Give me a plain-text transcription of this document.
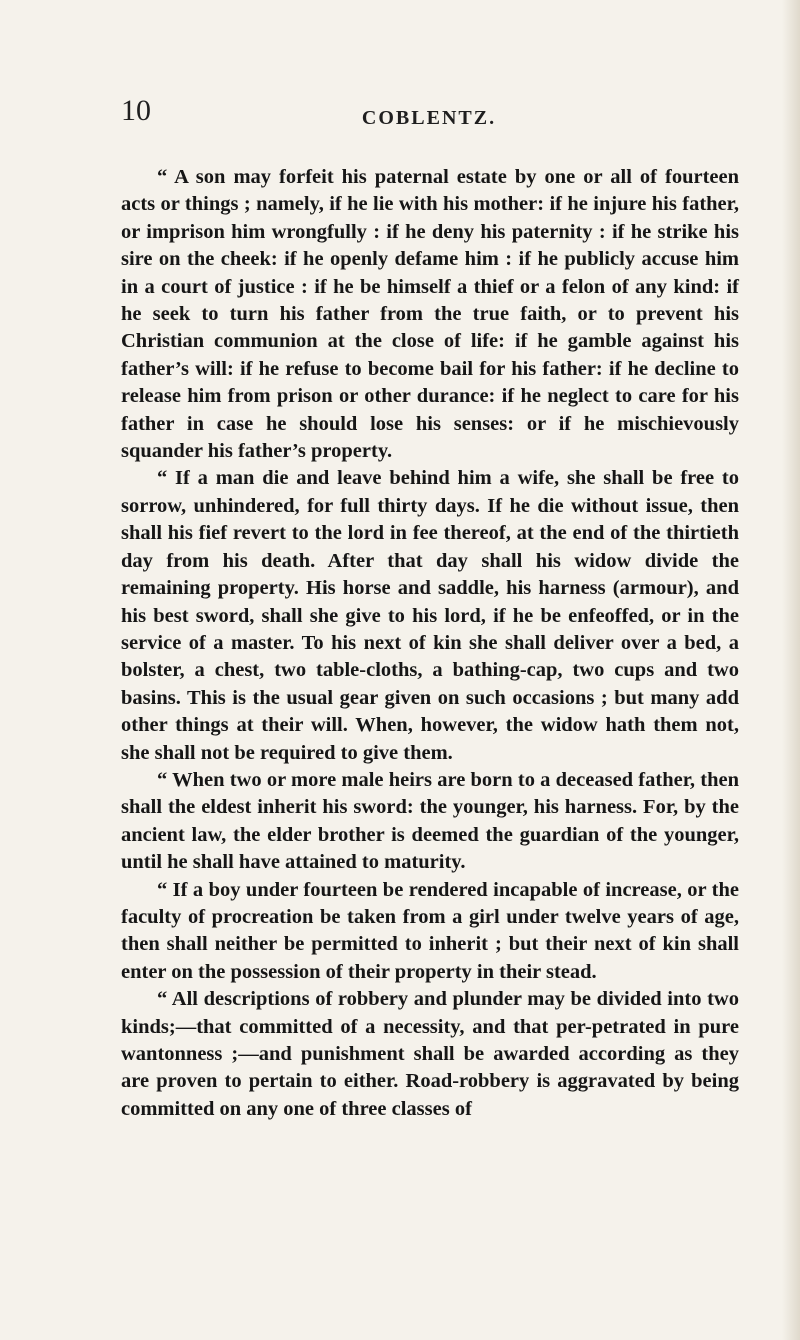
10	COBLENTZ.

“ A son may forfeit his paternal estate by one or all of fourteen acts or things ; namely, if he lie with his mother: if he injure his father, or imprison him wrongfully : if he deny his paternity : if he strike his sire on the cheek: if he openly defame him : if he publicly accuse him in a court of justice : if he be himself a thief or a felon of any kind: if he seek to turn his father from the true faith, or to prevent his Christian communion at the close of life: if he gamble against his father’s will: if he refuse to become bail for his father: if he decline to release him from prison or other durance: if he neglect to care for his father in case he should lose his senses: or if he mischievously squander his father’s property.

“ If a man die and leave behind him a wife, she shall be free to sorrow, unhindered, for full thirty days. If he die without issue, then shall his fief revert to the lord in fee thereof, at the end of the thirtieth day from his death. After that day shall his widow divide the remaining property. His horse and saddle, his harness (armour), and his best sword, shall she give to his lord, if he be enfeoffed, or in the service of a master. To his next of kin she shall deliver over a bed, a bolster, a chest, two table-cloths, a bathing-cap, two cups and two basins. This is the usual gear given on such occasions ; but many add other things at their will. When, however, the widow hath them not, she shall not be required to give them.

“ When two or more male heirs are born to a deceased father, then shall the eldest inherit his sword: the younger, his harness. For, by the ancient law, the elder brother is deemed the guardian of the younger, until he shall have attained to maturity.

“ If a boy under fourteen be rendered incapable of increase, or the faculty of procreation be taken from a girl under twelve years of age, then shall neither be permitted to inherit ; but their next of kin shall enter on the possession of their property in their stead.

“ All descriptions of robbery and plunder may be divided into two kinds;—that committed of a necessity, and that per-petrated in pure wantonness ;—and punishment shall be awarded according as they are proven to pertain to either. Road-robbery is aggravated by being committed on any one of three classes of
